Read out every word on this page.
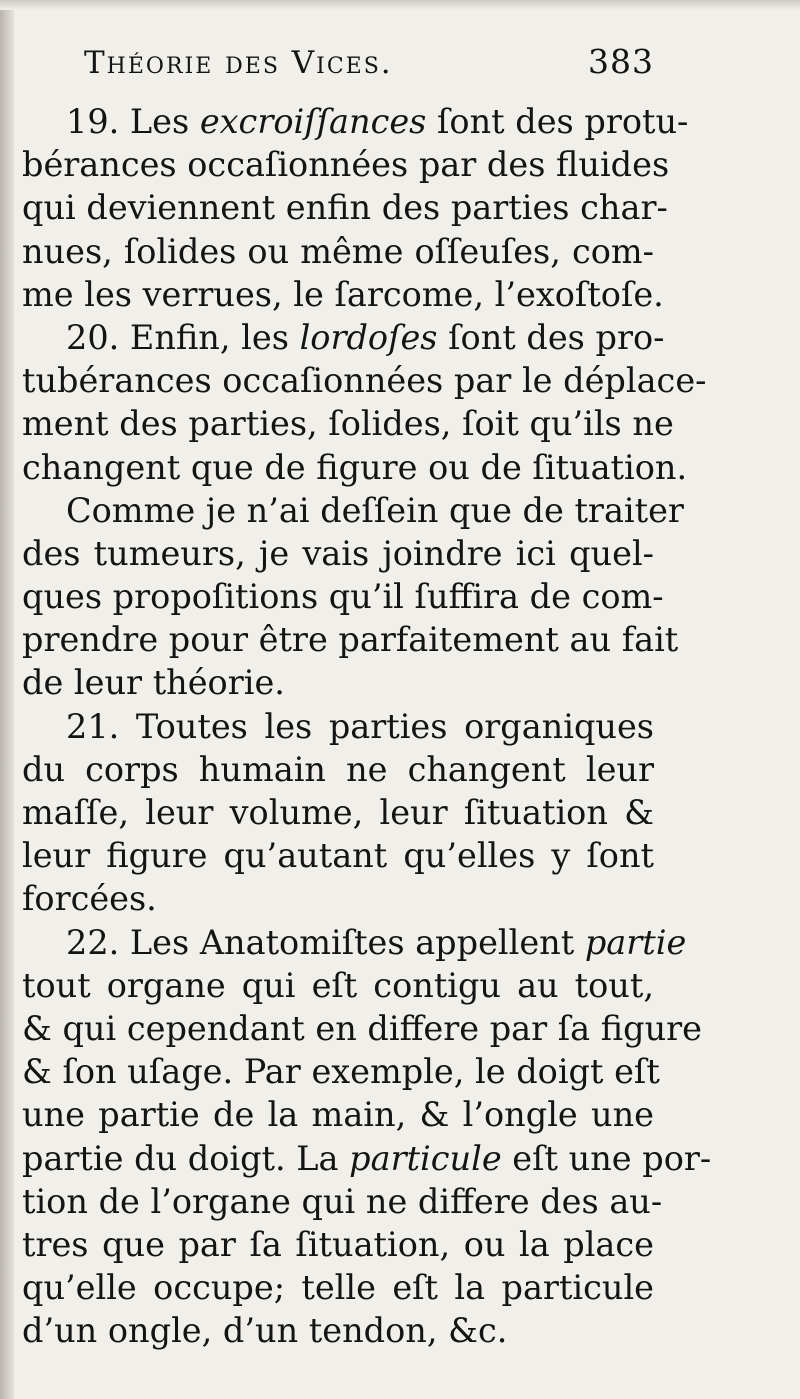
Théorie des Vices.	383
19. Les excroiſſances ſont des protu-
bérances occaſionnées par des fluides
qui deviennent enfin des parties char-
nues, ſolides ou même oſſeuſes, com-
me les verrues, le ſarcome, l’exoſtoſe.
20. Enfin, les lordoſes ſont des pro-
tubérances occaſionnées par le déplace-
ment des parties, ſolides, ſoit qu’ils ne
changent que de figure ou de ſituation.
Comme je n’ai deſſein que de traiter
des tumeurs, je vais joindre ici quel-
ques propoſitions qu’il ſuffira de com-
prendre pour être parfaitement au fait
de leur théorie.
21. Toutes les parties organiques
du corps humain ne changent leur
maſſe, leur volume, leur ſituation &
leur figure qu’autant qu’elles y ſont
forcées.
22. Les Anatomiſtes appellent partie
tout organe qui eſt contigu au tout,
& qui cependant en differe par ſa figure
& ſon uſage. Par exemple, le doigt eſt
une partie de la main, & l’ongle une
partie du doigt. La particule eſt une por-
tion de l’organe qui ne differe des au-
tres que par ſa ſituation, ou la place
qu’elle occupe; telle eſt la particule
d’un ongle, d’un tendon, &c.
